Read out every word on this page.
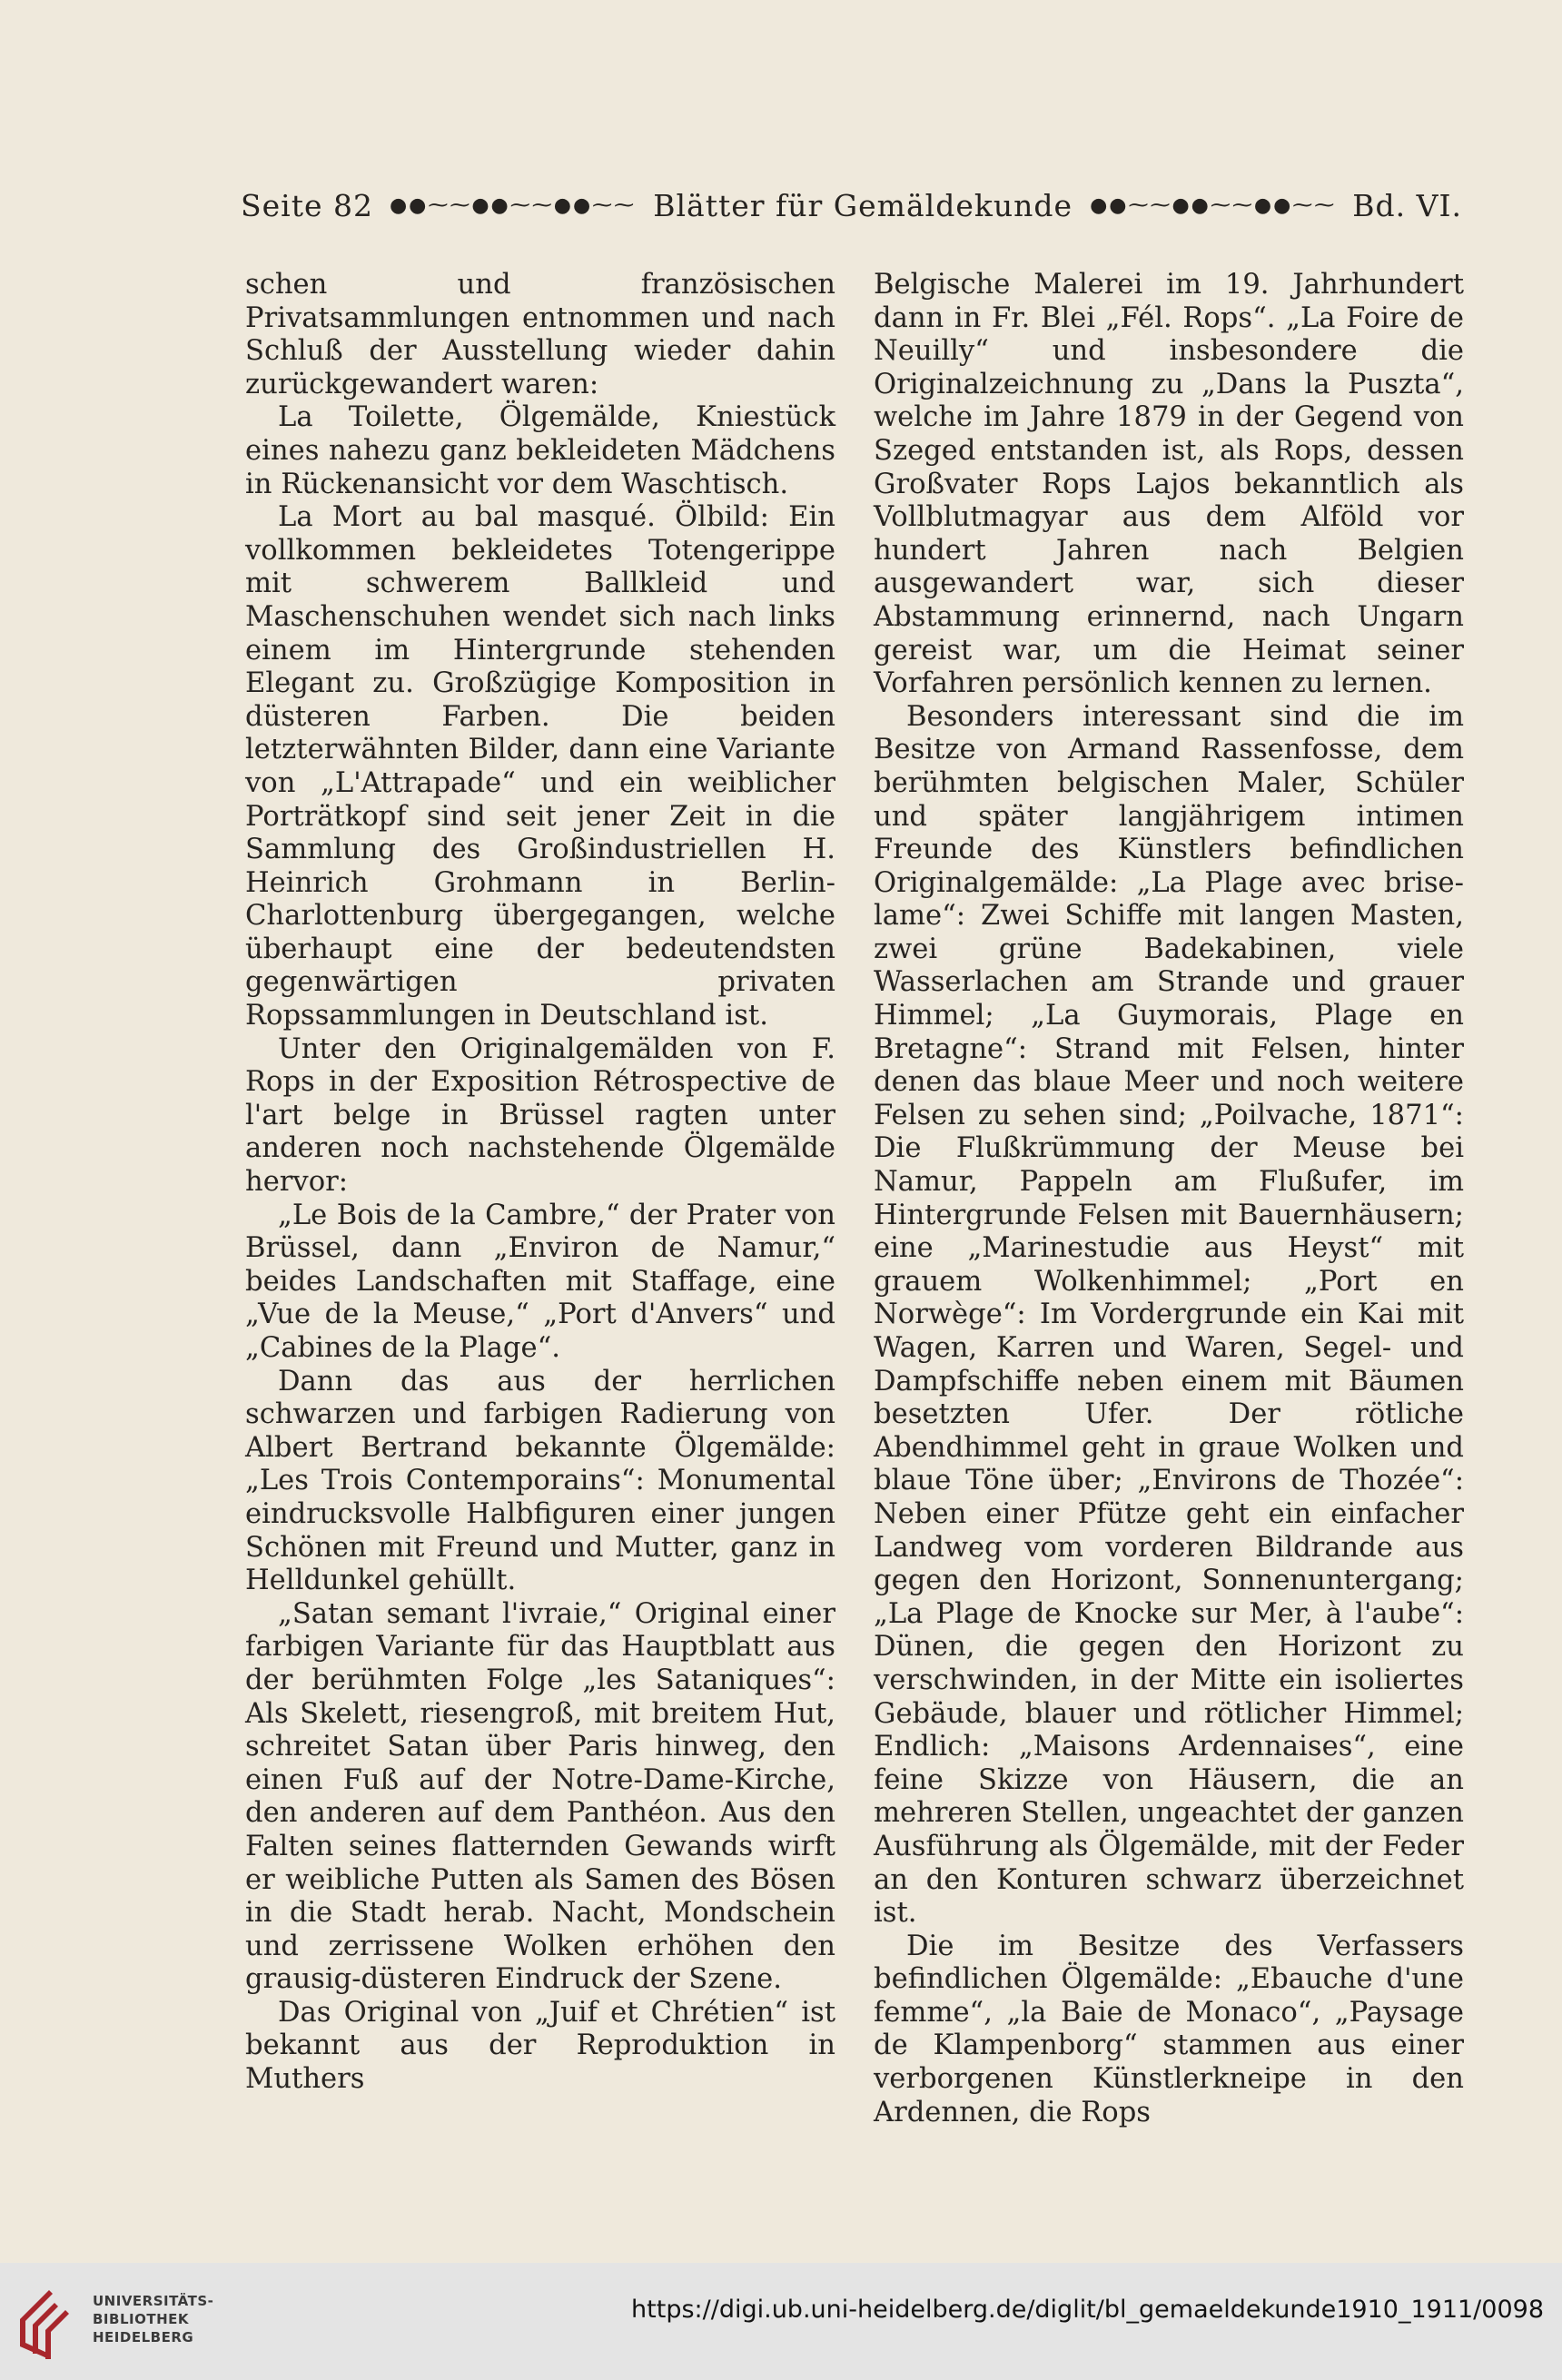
Seite 82 ●●⁓⁓●●⁓⁓●●⁓⁓ Blätter für Gemäldekunde ●●⁓⁓●●⁓⁓●●⁓⁓ Bd. VI.

schen und französischen Privatsammlungen entnommen und nach Schluß der Ausstellung wieder dahin zurückgewandert waren:

La Toilette, Ölgemälde, Kniestück eines nahezu ganz bekleideten Mädchens in Rückenansicht vor dem Waschtisch.

La Mort au bal masqué. Ölbild: Ein vollkommen bekleidetes Totengerippe mit schwerem Ballkleid und Maschenschuhen wendet sich nach links einem im Hintergrunde stehenden Elegant zu. Großzügige Komposition in düsteren Farben. Die beiden letzterwähnten Bilder, dann eine Variante von „L'Attrapade“ und ein weiblicher Porträtkopf sind seit jener Zeit in die Sammlung des Großindustriellen H. Heinrich Grohmann in Berlin-Charlottenburg übergegangen, welche überhaupt eine der bedeutendsten gegenwärtigen privaten Ropssammlungen in Deutschland ist.

Unter den Originalgemälden von F. Rops in der Exposition Rétrospective de l'art belge in Brüssel ragten unter anderen noch nachstehende Ölgemälde hervor:

„Le Bois de la Cambre,“ der Prater von Brüssel, dann „Environ de Namur,“ beides Landschaften mit Staffage, eine „Vue de la Meuse,“ „Port d'Anvers“ und „Cabines de la Plage“.

Dann das aus der herrlichen schwarzen und farbigen Radierung von Albert Bertrand bekannte Ölgemälde: „Les Trois Contemporains“: Monumental eindrucksvolle Halbfiguren einer jungen Schönen mit Freund und Mutter, ganz in Helldunkel gehüllt.

„Satan semant l'ivraie,“ Original einer farbigen Variante für das Hauptblatt aus der berühmten Folge „les Sataniques“: Als Skelett, riesengroß, mit breitem Hut, schreitet Satan über Paris hinweg, den einen Fuß auf der Notre-Dame-Kirche, den anderen auf dem Panthéon. Aus den Falten seines flatternden Gewands wirft er weibliche Putten als Samen des Bösen in die Stadt herab. Nacht, Mondschein und zerrissene Wolken erhöhen den grausig-düsteren Eindruck der Szene.

Das Original von „Juif et Chrétien“ ist bekannt aus der Reproduktion in Muthers

Belgische Malerei im 19. Jahrhundert dann in Fr. Blei „Fél. Rops“. „La Foire de Neuilly“ und insbesondere die Originalzeichnung zu „Dans la Puszta“, welche im Jahre 1879 in der Gegend von Szeged entstanden ist, als Rops, dessen Großvater Rops Lajos bekanntlich als Vollblutmagyar aus dem Alföld vor hundert Jahren nach Belgien ausgewandert war, sich dieser Abstammung erinnernd, nach Ungarn gereist war, um die Heimat seiner Vorfahren persönlich kennen zu lernen.

Besonders interessant sind die im Besitze von Armand Rassenfosse, dem berühmten belgischen Maler, Schüler und später langjährigem intimen Freunde des Künstlers befindlichen Originalgemälde: „La Plage avec brise-lame“: Zwei Schiffe mit langen Masten, zwei grüne Badekabinen, viele Wasserlachen am Strande und grauer Himmel; „La Guymorais, Plage en Bretagne“: Strand mit Felsen, hinter denen das blaue Meer und noch weitere Felsen zu sehen sind; „Poilvache, 1871“: Die Flußkrümmung der Meuse bei Namur, Pappeln am Flußufer, im Hintergrunde Felsen mit Bauernhäusern; eine „Marinestudie aus Heyst“ mit grauem Wolkenhimmel; „Port en Norwège“: Im Vordergrunde ein Kai mit Wagen, Karren und Waren, Segel- und Dampfschiffe neben einem mit Bäumen besetzten Ufer. Der rötliche Abendhimmel geht in graue Wolken und blaue Töne über; „Environs de Thozée“: Neben einer Pfütze geht ein einfacher Landweg vom vorderen Bildrande aus gegen den Horizont, Sonnenuntergang; „La Plage de Knocke sur Mer, à l'aube“: Dünen, die gegen den Horizont zu verschwinden, in der Mitte ein isoliertes Gebäude, blauer und rötlicher Himmel; Endlich: „Maisons Ardennaises“, eine feine Skizze von Häusern, die an mehreren Stellen, ungeachtet der ganzen Ausführung als Ölgemälde, mit der Feder an den Konturen schwarz überzeichnet ist.

Die im Besitze des Verfassers befindlichen Ölgemälde: „Ebauche d'une femme“, „la Baie de Monaco“, „Paysage de Klampenborg“ stammen aus einer verborgenen Künstlerkneipe in den Ardennen, die Rops

UNIVERSITÄTS-
BIBLIOTHEK
HEIDELBERG
https://digi.ub.uni-heidelberg.de/diglit/bl_gemaeldekunde1910_1911/0098
